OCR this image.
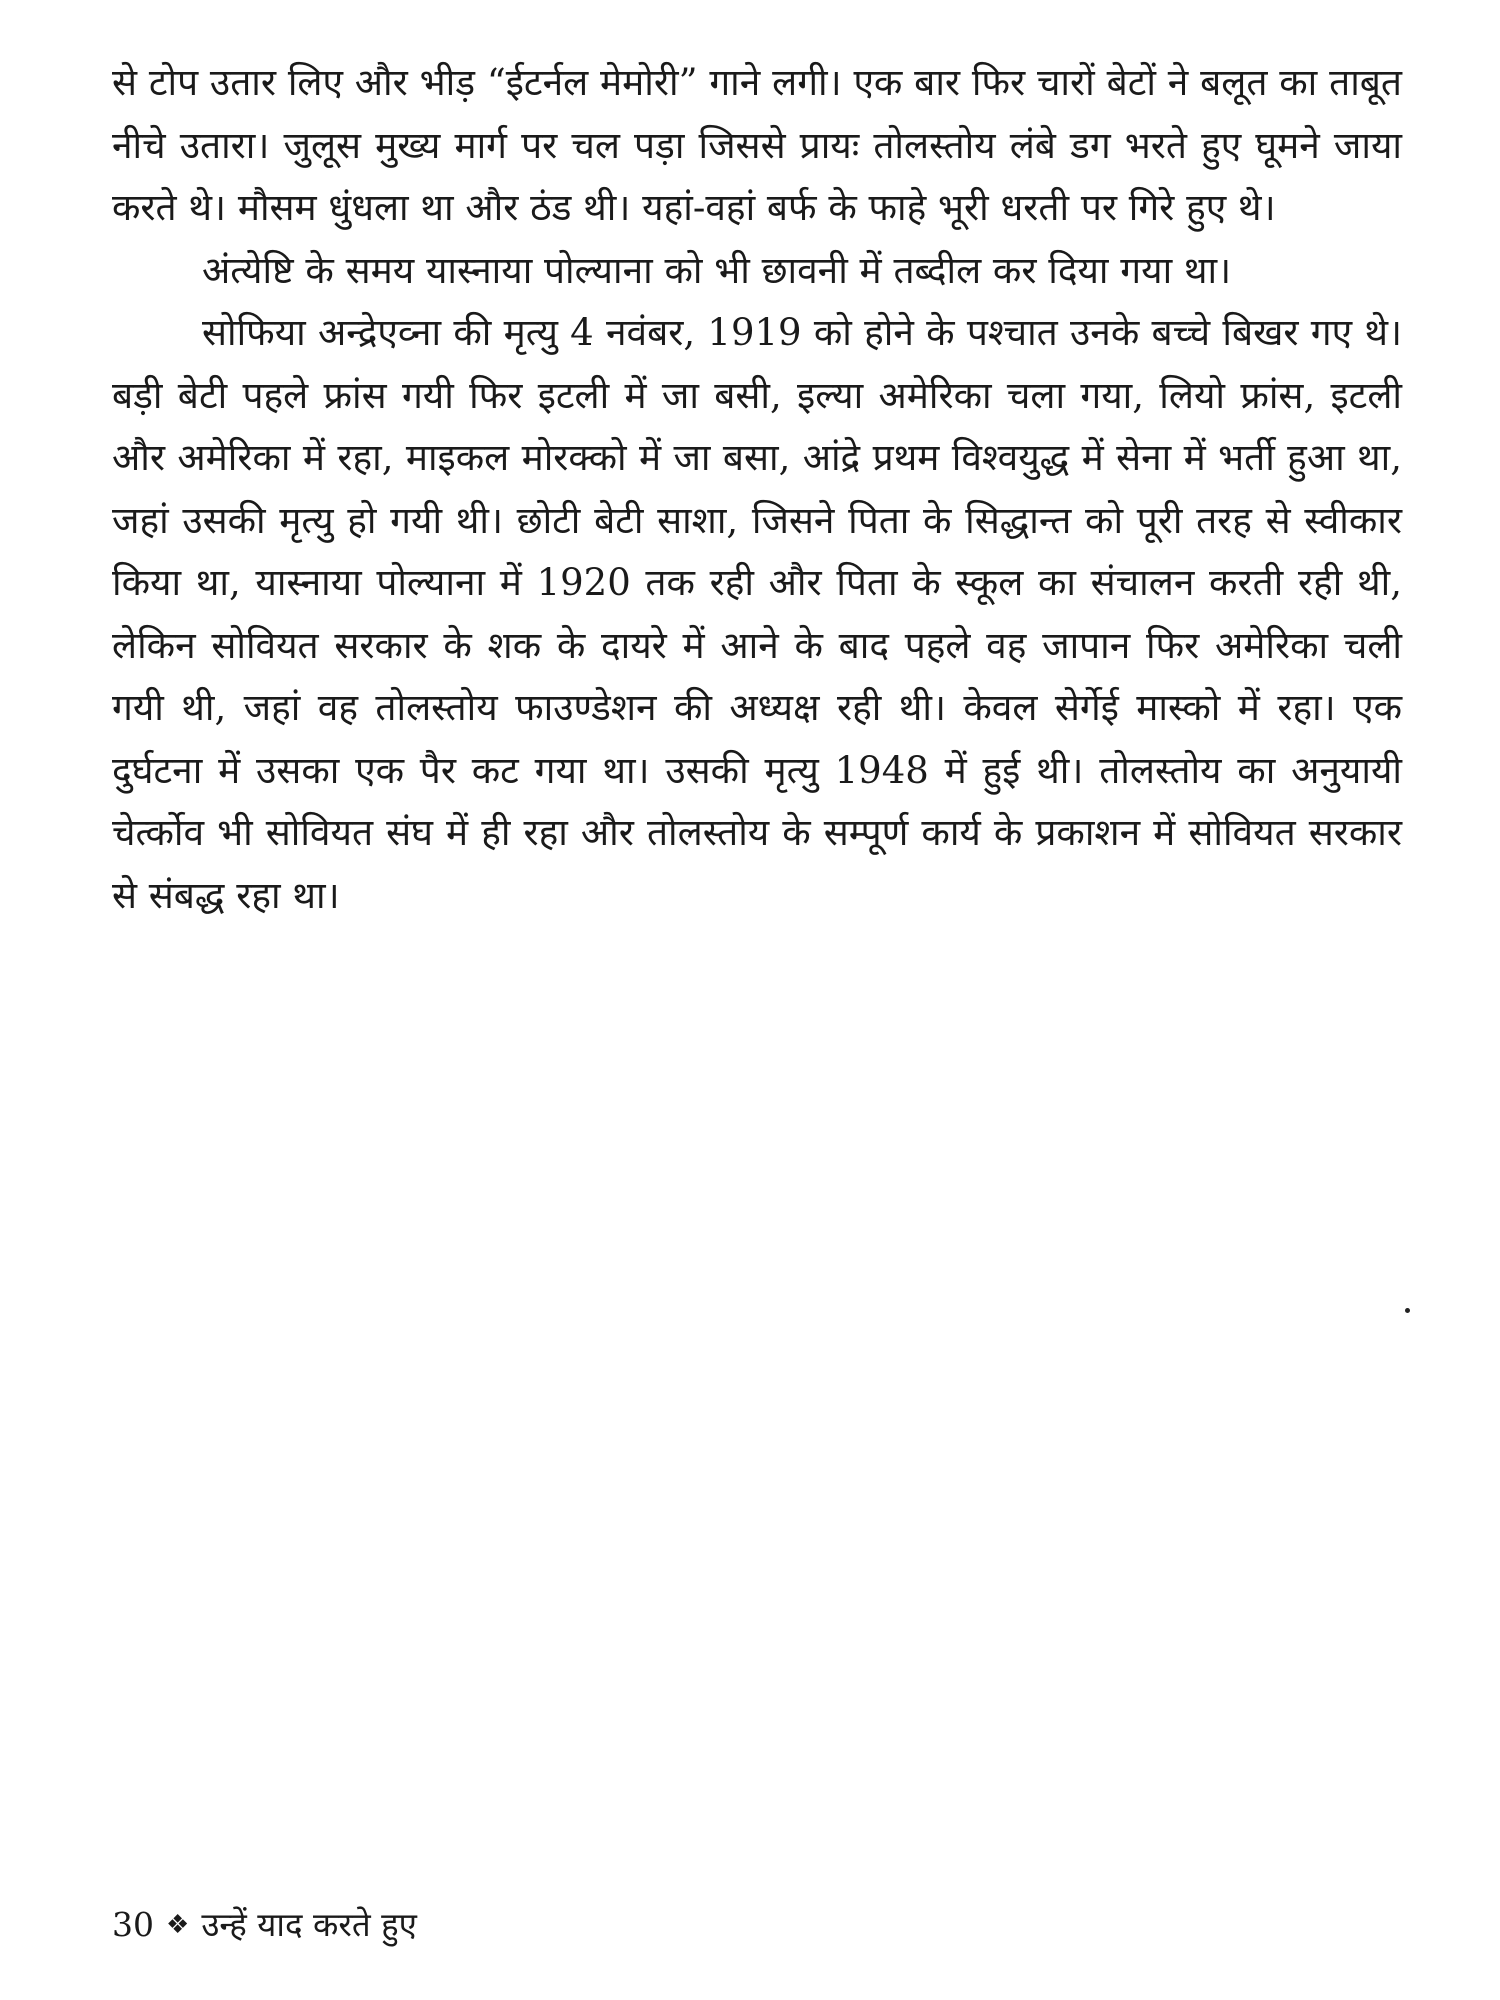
से टोप उतार लिए और भीड़ “ईटर्नल मेमोरी” गाने लगी। एक बार फिर चारों बेटों ने बलूत का ताबूत नीचे उतारा। जुलूस मुख्य मार्ग पर चल पड़ा जिससे प्रायः तोलस्तोय लंबे डग भरते हुए घूमने जाया करते थे। मौसम धुंधला था और ठंड थी। यहां-वहां बर्फ के फाहे भूरी धरती पर गिरे हुए थे।

अंत्येष्टि के समय यास्नाया पोल्याना को भी छावनी में तब्दील कर दिया गया था।

सोफिया अन्द्रेएव्ना की मृत्यु 4 नवंबर, 1919 को होने के पश्चात उनके बच्चे बिखर गए थे। बड़ी बेटी पहले फ्रांस गयी फिर इटली में जा बसी, इल्या अमेरिका चला गया, लियो फ्रांस, इटली और अमेरिका में रहा, माइकल मोरक्को में जा बसा, आंद्रे प्रथम विश्वयुद्ध में सेना में भर्ती हुआ था, जहां उसकी मृत्यु हो गयी थी। छोटी बेटी साशा, जिसने पिता के सिद्धान्त को पूरी तरह से स्वीकार किया था, यास्नाया पोल्याना में 1920 तक रही और पिता के स्कूल का संचालन करती रही थी, लेकिन सोवियत सरकार के शक के दायरे में आने के बाद पहले वह जापान फिर अमेरिका चली गयी थी, जहां वह तोलस्तोय फाउण्डेशन की अध्यक्ष रही थी। केवल सेर्गेई मास्को में रहा। एक दुर्घटना में उसका एक पैर कट गया था। उसकी मृत्यु 1948 में हुई थी। तोलस्तोय का अनुयायी चेर्त्कोव भी सोवियत संघ में ही रहा और तोलस्तोय के सम्पूर्ण कार्य के प्रकाशन में सोवियत सरकार से संबद्ध रहा था।

30 ❖ उन्हें याद करते हुए
